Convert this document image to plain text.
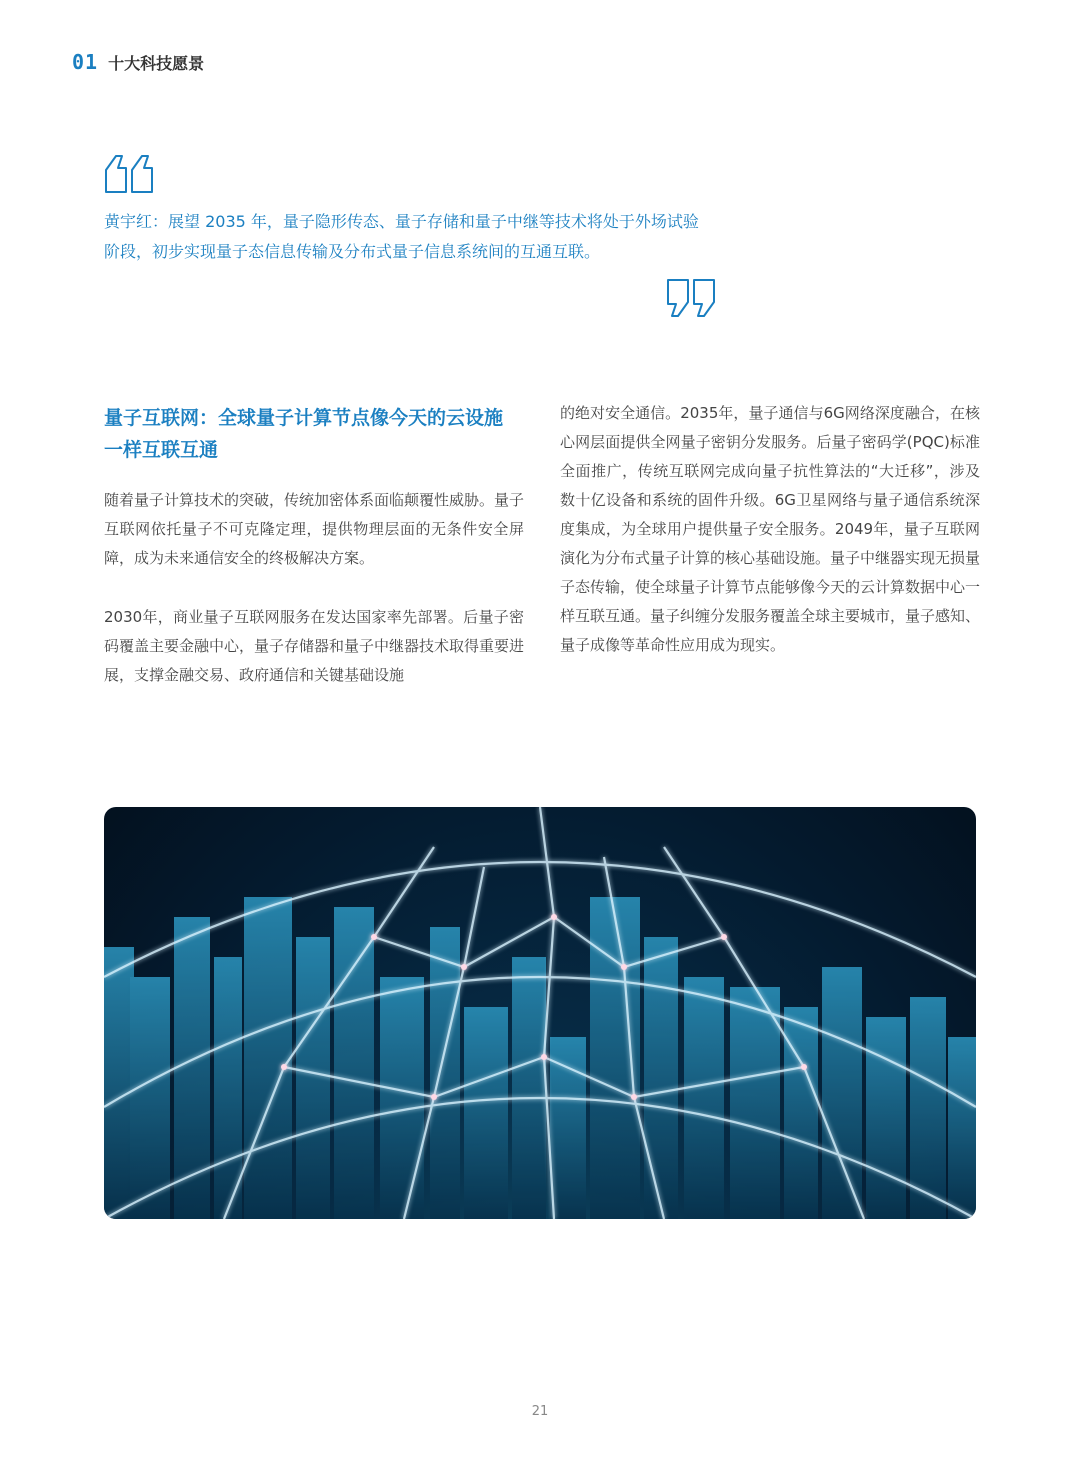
01 十大科技愿景

黄宇红：展望 2035 年，量子隐形传态、量子存储和量子中继等技术将处于外场试验
阶段，初步实现量子态信息传输及分布式量子信息系统间的互通互联。

量子互联网：全球量子计算节点像今天的云设施
一样互联互通

随着量子计算技术的突破，传统加密体系面临颠覆性威胁。量子互联网依托量子不可克隆定理，提供物理层面的无条件安全屏障，成为未来通信安全的终极解决方案。

2030年，商业量子互联网服务在发达国家率先部署。后量子密码覆盖主要金融中心，量子存储器和量子中继器技术取得重要进展，支撑金融交易、政府通信和关键基础设施

的绝对安全通信。2035年，量子通信与6G网络深度融合，在核心网层面提供全网量子密钥分发服务。后量子密码学(PQC)标准全面推广，传统互联网完成向量子抗性算法的“大迁移”，涉及数十亿设备和系统的固件升级。6G卫星网络与量子通信系统深度集成，为全球用户提供量子安全服务。2049年，量子互联网演化为分布式量子计算的核心基础设施。量子中继器实现无损量子态传输，使全球量子计算节点能够像今天的云计算数据中心一样互联互通。量子纠缠分发服务覆盖全球主要城市，量子感知、量子成像等革命性应用成为现实。

21
